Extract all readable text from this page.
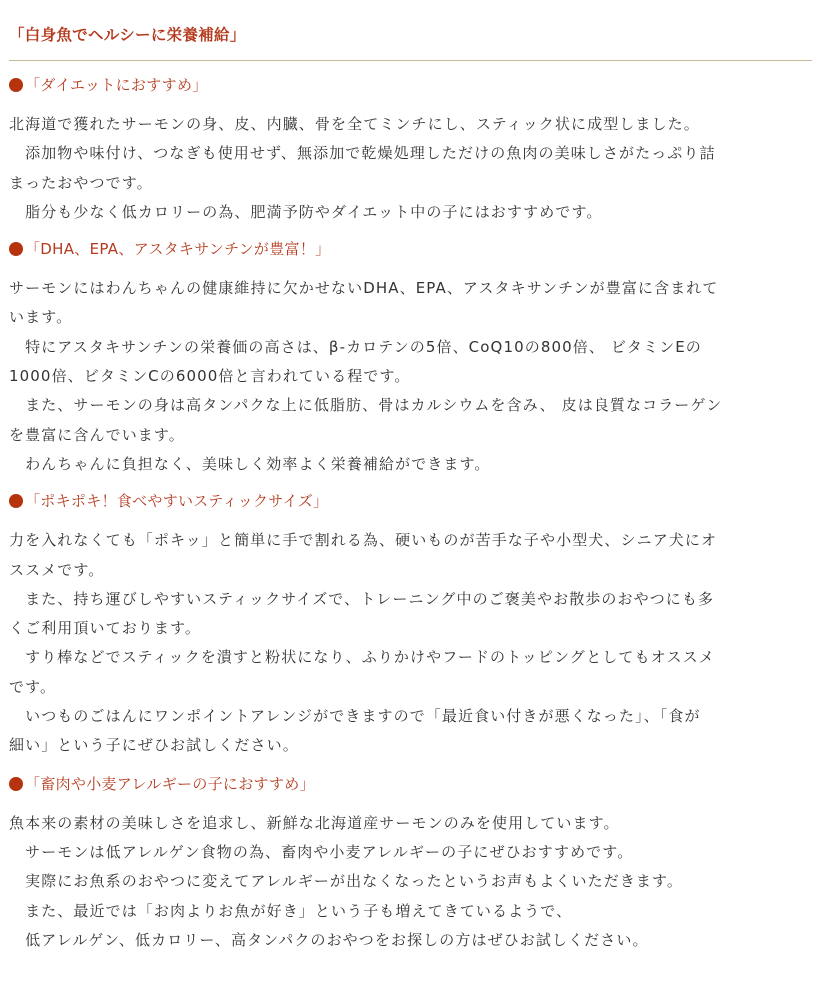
「白身魚でヘルシーに栄養補給」
「ダイエットにおすすめ」

北海道で獲れたサーモンの身、皮、内臓、骨を全てミンチにし、スティック状に成型しました。
　添加物や味付け、つなぎも使用せず、無添加で乾燥処理しただけの魚肉の美味しさがたっぷり詰
まったおやつです。
　脂分も少なく低カロリーの為、肥満予防やダイエット中の子にはおすすめです。

「DHA、EPA、アスタキサンチンが豊富！」

サーモンにはわんちゃんの健康維持に欠かせないDHA、EPA、アスタキサンチンが豊富に含まれて
います。
　特にアスタキサンチンの栄養価の高さは、β-カロテンの5倍、CoQ10の800倍、 ビタミンEの
1000倍、ビタミンCの6000倍と言われている程です。
　また、サーモンの身は高タンパクな上に低脂肪、骨はカルシウムを含み、 皮は良質なコラーゲン
を豊富に含んでいます。
　わんちゃんに負担なく、美味しく効率よく栄養補給ができます。

「ポキポキ！食べやすいスティックサイズ」

力を入れなくても「ポキッ」と簡単に手で割れる為、硬いものが苦手な子や小型犬、シニア犬にオ
ススメです。
　また、持ち運びしやすいスティックサイズで、トレーニング中のご褒美やお散歩のおやつにも多
くご利用頂いております。
　すり棒などでスティックを潰すと粉状になり、ふりかけやフードのトッピングとしてもオススメ
です。
　いつものごはんにワンポイントアレンジができますので「最近食い付きが悪くなった」、「食が
細い」という子にぜひお試しください。

「畜肉や小麦アレルギーの子におすすめ」

魚本来の素材の美味しさを追求し、新鮮な北海道産サーモンのみを使用しています。
　サーモンは低アレルゲン食物の為、畜肉や小麦アレルギーの子にぜひおすすめです。
　実際にお魚系のおやつに変えてアレルギーが出なくなったというお声もよくいただきます。
　また、最近では「お肉よりお魚が好き」という子も増えてきているようで、
　低アレルゲン、低カロリー、高タンパクのおやつをお探しの方はぜひお試しください。
